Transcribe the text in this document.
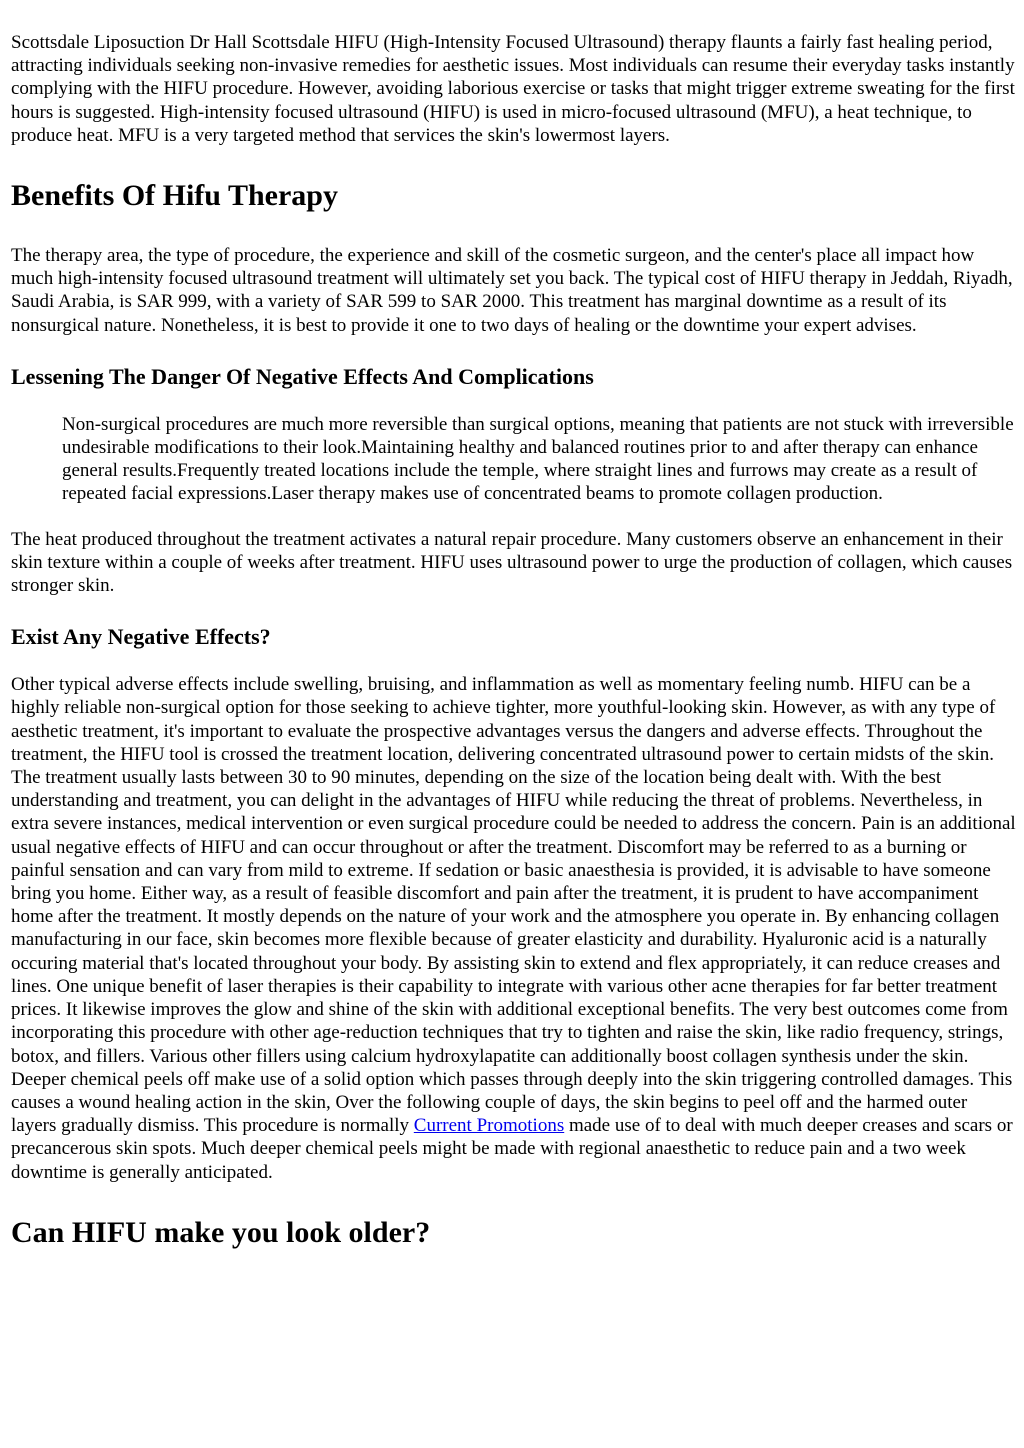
Scottsdale Liposuction Dr Hall Scottsdale HIFU (High-Intensity Focused Ultrasound) therapy flaunts a fairly fast healing period, attracting individuals seeking non-invasive remedies for aesthetic issues. Most individuals can resume their everyday tasks instantly complying with the HIFU procedure. However, avoiding laborious exercise or tasks that might trigger extreme sweating for the first hours is suggested. High-intensity focused ultrasound (HIFU) is used in micro-focused ultrasound (MFU), a heat technique, to produce heat. MFU is a very targeted method that services the skin's lowermost layers.

Benefits Of Hifu Therapy

The therapy area, the type of procedure, the experience and skill of the cosmetic surgeon, and the center's place all impact how much high-intensity focused ultrasound treatment will ultimately set you back. The typical cost of HIFU therapy in Jeddah, Riyadh, Saudi Arabia, is SAR 999, with a variety of SAR 599 to SAR 2000. This treatment has marginal downtime as a result of its nonsurgical nature. Nonetheless, it is best to provide it one to two days of healing or the downtime your expert advises.

Lessening The Danger Of Negative Effects And Complications

Non-surgical procedures are much more reversible than surgical options, meaning that patients are not stuck with irreversible undesirable modifications to their look.Maintaining healthy and balanced routines prior to and after therapy can enhance general results.Frequently treated locations include the temple, where straight lines and furrows may create as a result of repeated facial expressions.Laser therapy makes use of concentrated beams to promote collagen production.

The heat produced throughout the treatment activates a natural repair procedure. Many customers observe an enhancement in their skin texture within a couple of weeks after treatment. HIFU uses ultrasound power to urge the production of collagen, which causes stronger skin.

Exist Any Negative Effects?

Other typical adverse effects include swelling, bruising, and inflammation as well as momentary feeling numb. HIFU can be a highly reliable non-surgical option for those seeking to achieve tighter, more youthful-looking skin. However, as with any type of aesthetic treatment, it's important to evaluate the prospective advantages versus the dangers and adverse effects. Throughout the treatment, the HIFU tool is crossed the treatment location, delivering concentrated ultrasound power to certain midsts of the skin. The treatment usually lasts between 30 to 90 minutes, depending on the size of the location being dealt with. With the best understanding and treatment, you can delight in the advantages of HIFU while reducing the threat of problems. Nevertheless, in extra severe instances, medical intervention or even surgical procedure could be needed to address the concern. Pain is an additional usual negative effects of HIFU and can occur throughout or after the treatment. Discomfort may be referred to as a burning or painful sensation and can vary from mild to extreme. If sedation or basic anaesthesia is provided, it is advisable to have someone bring you home. Either way, as a result of feasible discomfort and pain after the treatment, it is prudent to have accompaniment home after the treatment. It mostly depends on the nature of your work and the atmosphere you operate in. By enhancing collagen manufacturing in our face, skin becomes more flexible because of greater elasticity and durability. Hyaluronic acid is a naturally occuring material that's located throughout your body. By assisting skin to extend and flex appropriately, it can reduce creases and lines. One unique benefit of laser therapies is their capability to integrate with various other acne therapies for far better treatment prices. It likewise improves the glow and shine of the skin with additional exceptional benefits. The very best outcomes come from incorporating this procedure with other age-reduction techniques that try to tighten and raise the skin, like radio frequency, strings, botox, and fillers. Various other fillers using calcium hydroxylapatite can additionally boost collagen synthesis under the skin. Deeper chemical peels off make use of a solid option which passes through deeply into the skin triggering controlled damages. This causes a wound healing action in the skin, Over the following couple of days, the skin begins to peel off and the harmed outer layers gradually dismiss. This procedure is normally Current Promotions made use of to deal with much deeper creases and scars or precancerous skin spots. Much deeper chemical peels might be made with regional anaesthetic to reduce pain and a two week downtime is generally anticipated.

Can HIFU make you look older?
